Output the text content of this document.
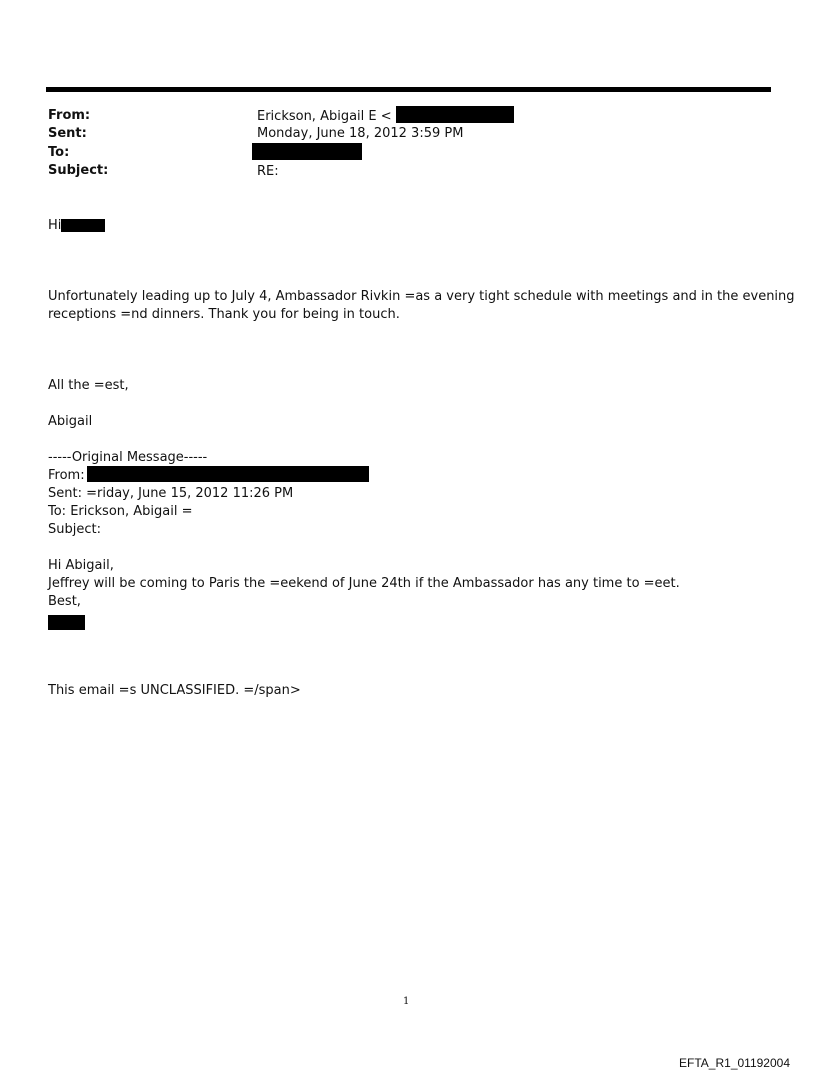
From:	Erickson, Abigail E <
Sent:	Monday, June 18, 2012 3:59 PM
To:
Subject:	RE:
Hi
Unfortunately leading up to July 4, Ambassador Rivkin =as a very tight schedule with meetings and in the evening
receptions =nd dinners. Thank you for being in touch.
All the =est,
Abigail
-----Original Message-----
From:
Sent: =riday, June 15, 2012 11:26 PM
To: Erickson, Abigail =
Subject:
Hi Abigail,
Jeffrey will be coming to Paris the =eekend of June 24th if the Ambassador has any time to =eet.
Best,
This email =s UNCLASSIFIED. =/span>
1
EFTA_R1_01192004
